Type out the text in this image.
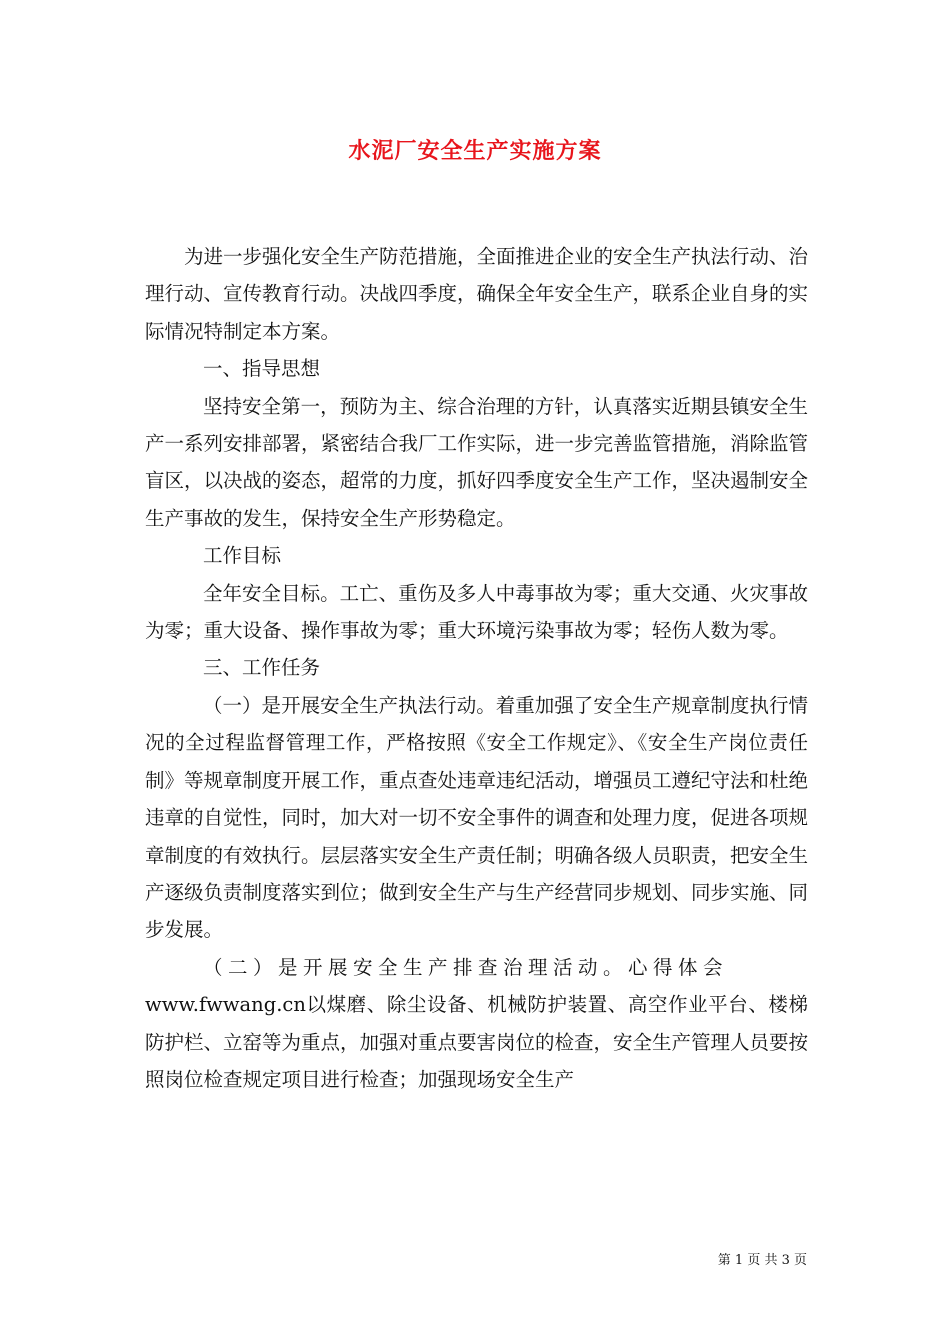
水泥厂安全生产实施方案

为进一步强化安全生产防范措施，全面推进企业的安全生产执法行动、治理行动、宣传教育行动。决战四季度，确保全年安全生产，联系企业自身的实际情况特制定本方案。

一、指导思想

坚持安全第一，预防为主、综合治理的方针，认真落实近期县镇安全生产一系列安排部署，紧密结合我厂工作实际，进一步完善监管措施，消除监管盲区，以决战的姿态，超常的力度，抓好四季度安全生产工作，坚决遏制安全生产事故的发生，保持安全生产形势稳定。

工作目标

全年安全目标。工亡、重伤及多人中毒事故为零；重大交通、火灾事故为零；重大设备、操作事故为零；重大环境污染事故为零；轻伤人数为零。

三、工作任务

（一）是开展安全生产执法行动。着重加强了安全生产规章制度执行情况的全过程监督管理工作，严格按照《安全工作规定》、《安全生产岗位责任制》等规章制度开展工作，重点查处违章违纪活动，增强员工遵纪守法和杜绝违章的自觉性，同时，加大对一切不安全事件的调查和处理力度，促进各项规章制度的有效执行。层层落实安全生产责任制；明确各级人员职责，把安全生产逐级负责制度落实到位；做到安全生产与生产经营同步规划、同步实施、同步发展。

（二）是开展安全生产排查治理活动。心得体会

www.fwwang.cn以煤磨、除尘设备、机械防护装置、高空作业平台、楼梯防护栏、立窑等为重点，加强对重点要害岗位的检查，安全生产管理人员要按照岗位检查规定项目进行检查；加强现场安全生产

第 1 页 共 3 页
